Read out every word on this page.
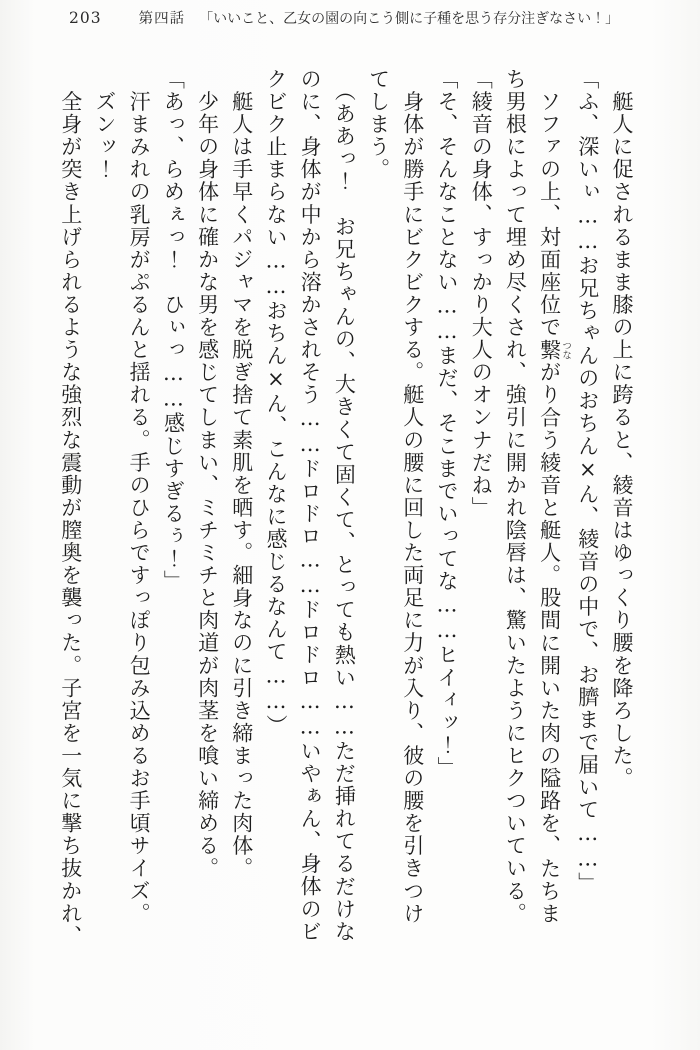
203	第四話 「いいこと、乙女の園の向こう側に子種を思う存分注ぎなさい！」
　艇人に促されるまま膝の上に跨ると、綾音はゆっくり腰を降ろした。
「ふ、深いぃ……お兄ちゃんのおちん×ん、綾音の中で、お臍まで届いて……」
　ソファの上、対面座位で繋つながり合う綾音と艇人。股間に開いた肉の隘路を、たちま
ち男根によって埋め尽くされ、強引に開かれ陰唇は、驚いたようにヒクついている。
「綾音の身体、すっかり大人のオンナだね」
「そ、そんなことない……まだ、そこまでいってな……ヒイィッ！」
　身体が勝手にビクビクする。艇人の腰に回した両足に力が入り、彼の腰を引きつけ
てしまう。
　（ああっ！　お兄ちゃんの、大きくて固くて、とっても熱い……ただ挿れてるだけな
のに、身体が中から溶かされそう……ドロドロ……ドロドロ……いやぁん、身体のビ
クビク止まらない……おちん×ん、こんなに感じるなんて……）
　艇人は手早くパジャマを脱ぎ捨て素肌を晒す。細身なのに引き締まった肉体。
　少年の身体に確かな男を感じてしまい、ミチミチと肉道が肉茎を喰い締める。
「あっ、らめぇっ！　ひぃっ……感じすぎるぅ！」
　汗まみれの乳房がぷるんと揺れる。手のひらですっぽり包み込めるお手頃サイズ。
　ズンッ！
　全身が突き上げられるような強烈な震動が膣奥を襲った。子宮を一気に撃ち抜かれ、
